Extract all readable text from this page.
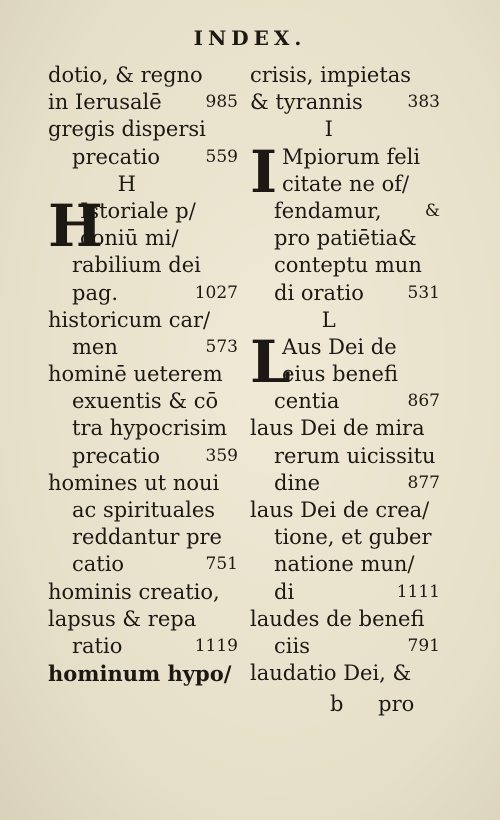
INDEX.
dotio, & regno
in Ierusalē	985
gregis dispersi
precatio	559
H
H
Istoriale p/
coniū mi/
rabilium dei
pag.	1027
historicum car/
men	573
hominē ueterem
exuentis & cō
tra hypocrisim
precatio	359
homines ut noui
ac spirituales
reddantur pre
catio	751
hominis creatio,
lapsus & repa
ratio	1119
hominum hypo/
crisis, impietas
& tyrannis	383
I
I Mpiorum feli
citate ne of/
fendamur,	&
pro patiētia&
conteptu mun
di oratio	531
L
L
Aus Dei de
eius benefi
centia	867
laus Dei de mira
rerum uicissitu
dine	877
laus Dei de crea/
tione, et guber
natione mun/
di	1111
laudes de benefi
ciis	791
laudatio Dei, &
b pro
